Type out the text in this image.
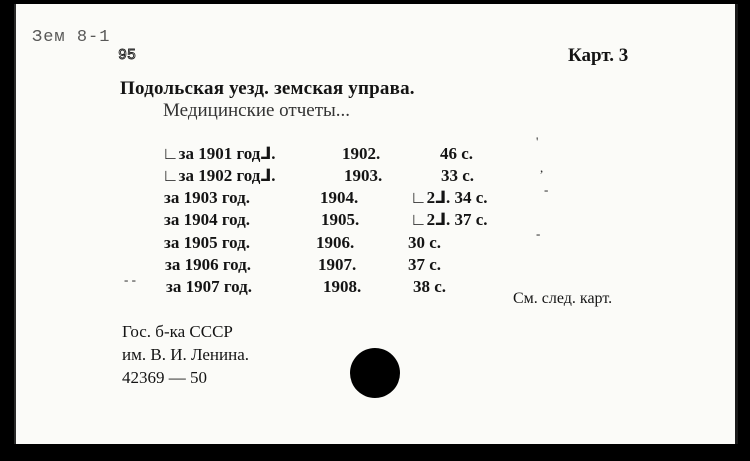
Зем 8-1
95	Карт. 3
Подольская уезд. земская управа.
Медицинские отчеты...
∟за 1901 год⅃.	1902.	46 с.
∟за 1902 год⅃.	1903.	33 с.
за 1903 год.	1904.	∟2⅃. 34 с.
за 1904 год.	1905.	∟2⅃. 37 с.
за 1905 год.	1906.	30 с.
за 1906 год.	1907.	37 с.
за 1907 год.	1908.	38 с.
'
,
-
-
- -
См. след. карт.
Гос. б-ка СССР
им. В. И. Ленина.
42369 — 50
